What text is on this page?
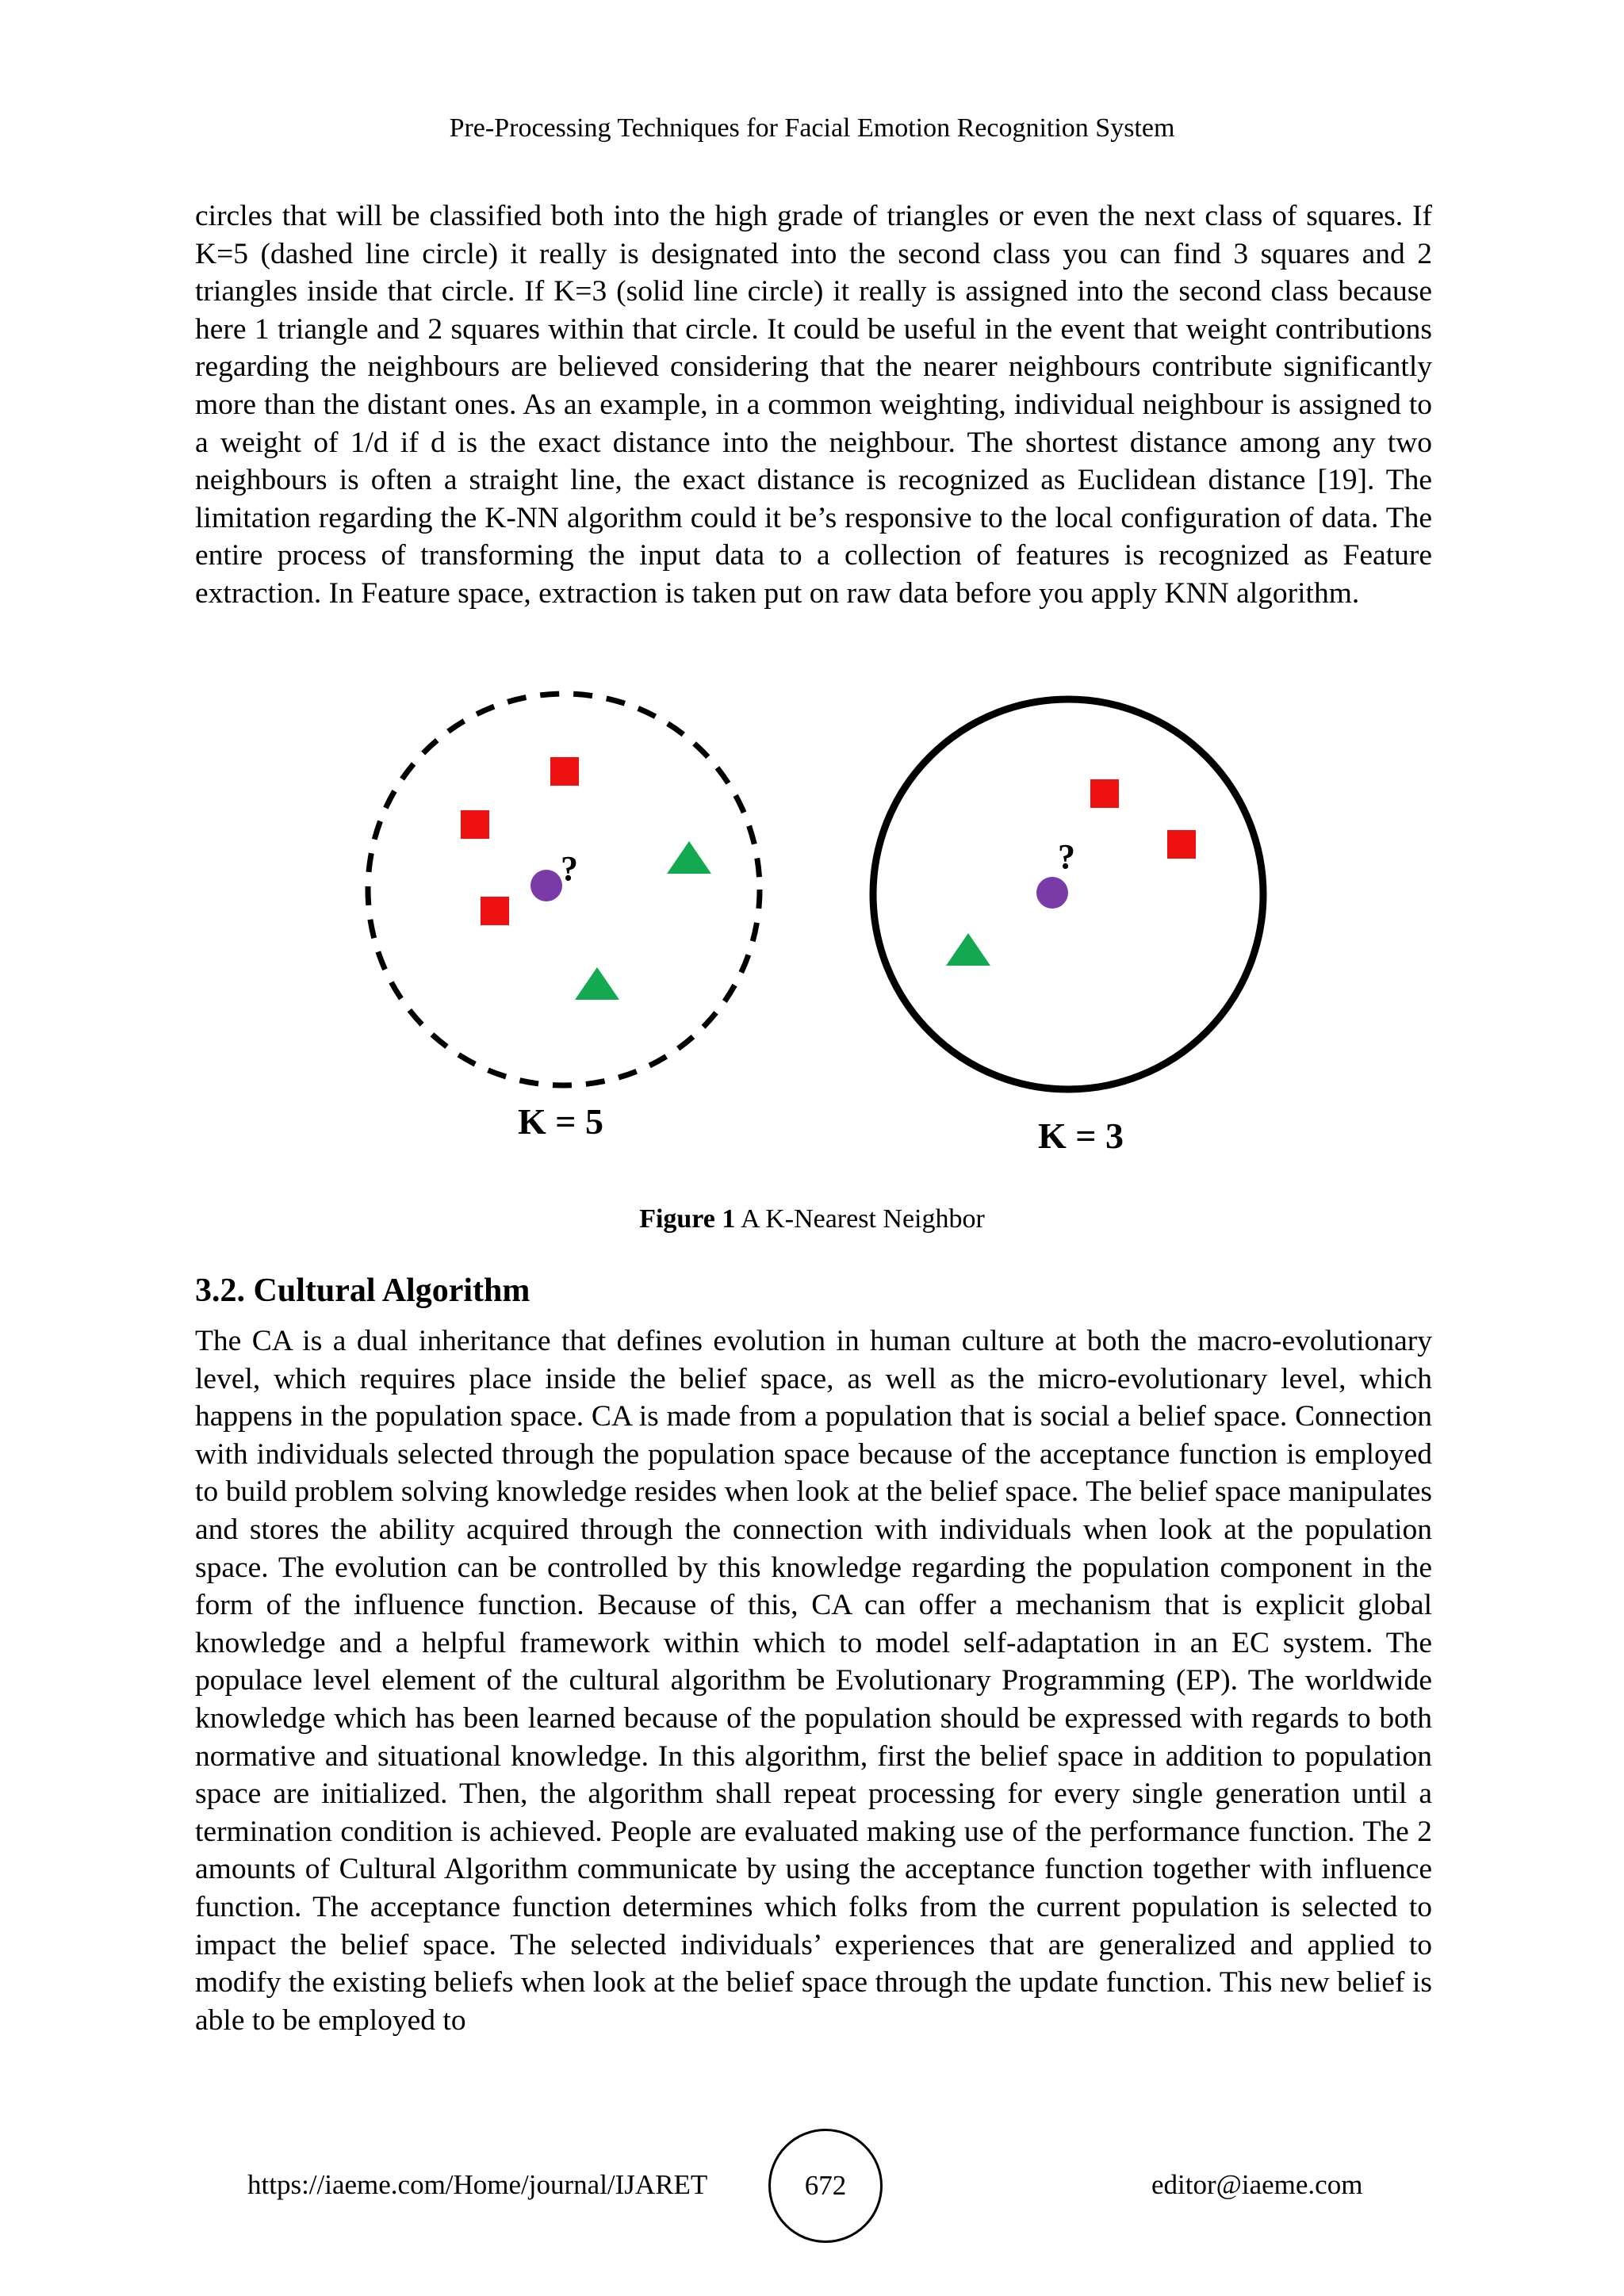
Pre-Processing Techniques for Facial Emotion Recognition System

circles that will be classified both into the high grade of triangles or even the next class of squares. If K=5 (dashed line circle) it really is designated into the second class you can find 3 squares and 2 triangles inside that circle. If K=3 (solid line circle) it really is assigned into the second class because here 1 triangle and 2 squares within that circle. It could be useful in the event that weight contributions regarding the neighbours are believed considering that the nearer neighbours contribute significantly more than the distant ones. As an example, in a common weighting, individual neighbour is assigned to a weight of 1/d if d is the exact distance into the neighbour. The shortest distance among any two neighbours is often a straight line, the exact distance is recognized as Euclidean distance [19]. The limitation regarding the K-NN algorithm could it be’s responsive to the local configuration of data. The entire process of transforming the input data to a collection of features is recognized as Feature extraction. In Feature space, extraction is taken put on raw data before you apply KNN algorithm.

?
K = 5
?
K = 3
Figure 1 A K-Nearest Neighbor
3.2. Cultural Algorithm

The CA is a dual inheritance that defines evolution in human culture at both the macro-evolutionary level, which requires place inside the belief space, as well as the micro-evolutionary level, which happens in the population space. CA is made from a population that is social a belief space. Connection with individuals selected through the population space because of the acceptance function is employed to build problem solving knowledge resides when look at the belief space. The belief space manipulates and stores the ability acquired through the connection with individuals when look at the population space. The evolution can be controlled by this knowledge regarding the population component in the form of the influence function. Because of this, CA can offer a mechanism that is explicit global knowledge and a helpful framework within which to model self-adaptation in an EC system. The populace level element of the cultural algorithm be Evolutionary Programming (EP). The worldwide knowledge which has been learned because of the population should be expressed with regards to both normative and situational knowledge. In this algorithm, first the belief space in addition to population space are initialized. Then, the algorithm shall repeat processing for every single generation until a termination condition is achieved. People are evaluated making use of the performance function. The 2 amounts of Cultural Algorithm communicate by using the acceptance function together with influence function. The acceptance function determines which folks from the current population is selected to impact the belief space. The selected individuals’ experiences that are generalized and applied to modify the existing beliefs when look at the belief space through the update function. This new belief is able to be employed to

https://iaeme.com/Home/journal/IJARET	672	editor@iaeme.com
